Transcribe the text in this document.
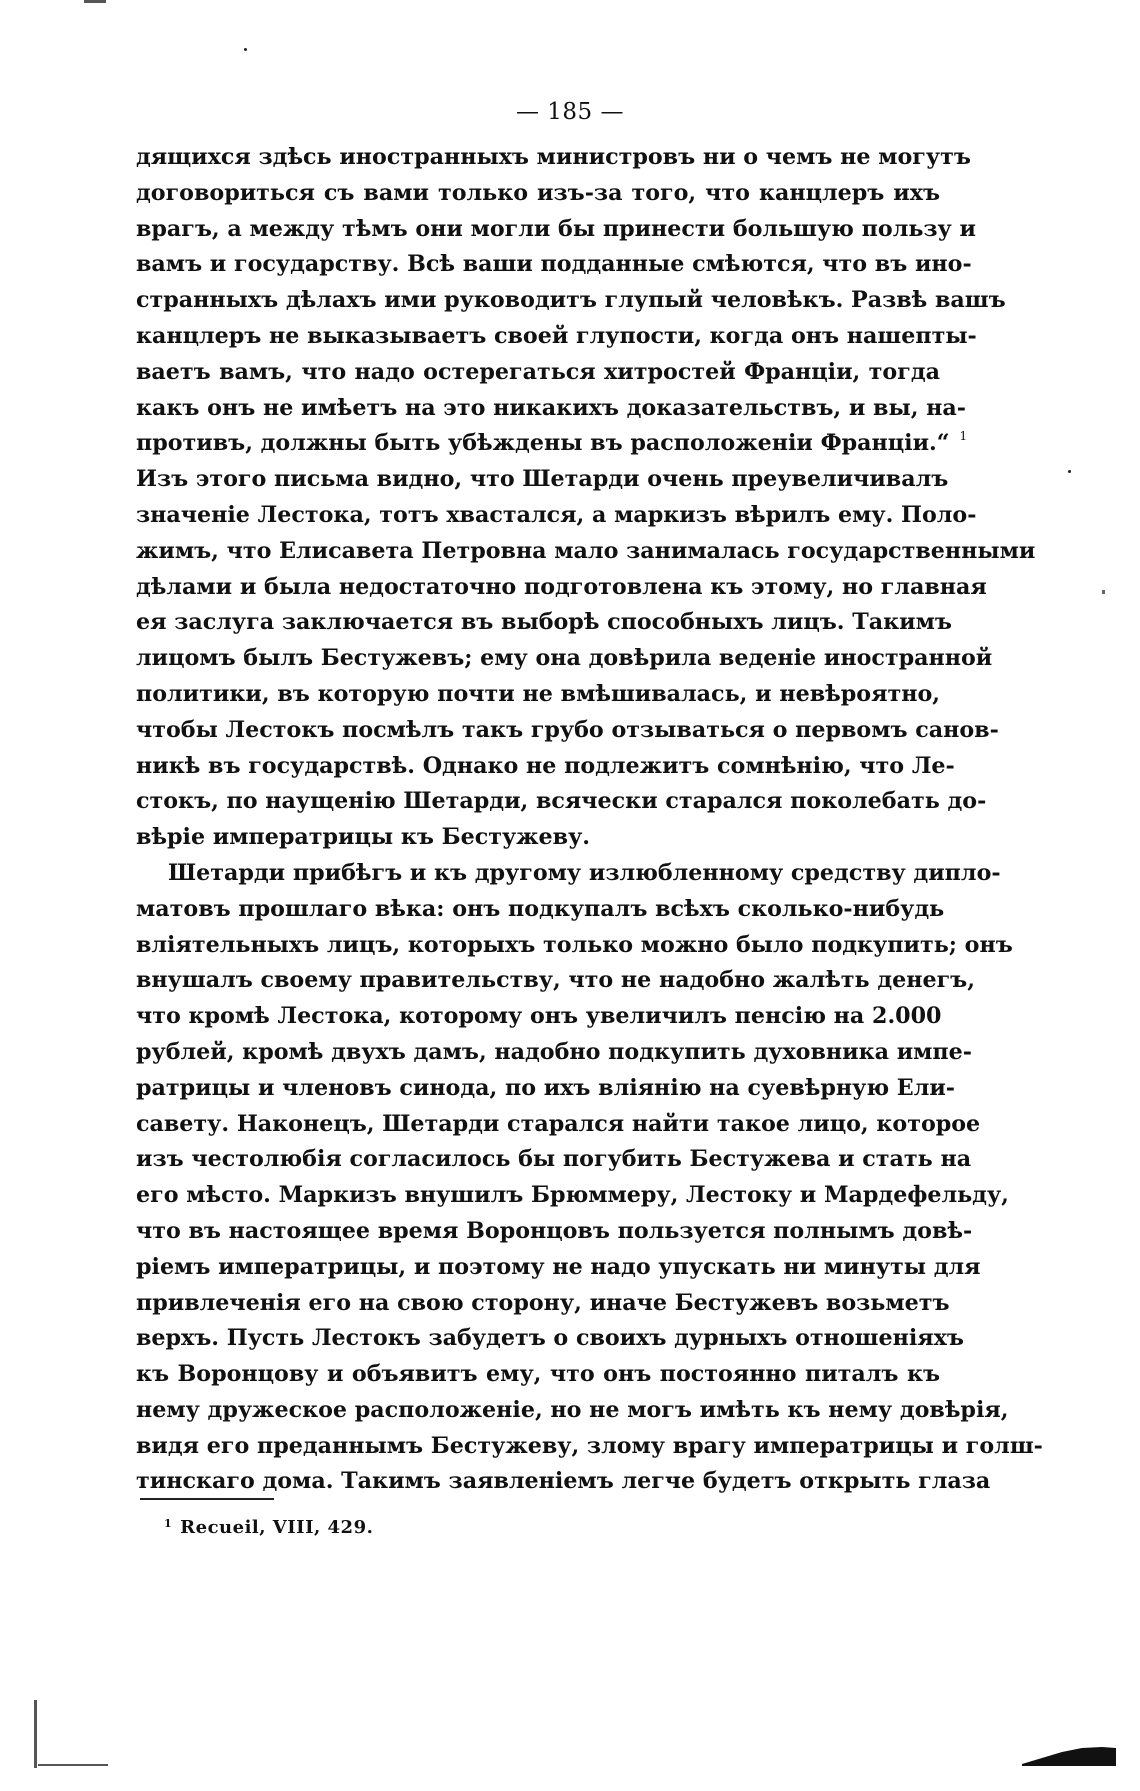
— 185 —
дящихся здѣсь иностранныхъ министровъ ни о чемъ не могутъ
договориться съ вами только изъ-за того, что канцлеръ ихъ
врагъ, а между тѣмъ они могли бы принести большую пользу и
вамъ и государству. Всѣ ваши подданные смѣются, что въ ино-
странныхъ дѣлахъ ими руководитъ глупый человѣкъ. Развѣ вашъ
канцлеръ не выказываетъ своей глупости, когда онъ нашепты-
ваетъ вамъ, что надо остерегаться хитростей Франціи, тогда
какъ онъ не имѣетъ на это никакихъ доказательствъ, и вы, на-
противъ, должны быть убѣждены въ расположеніи Франціи.“ $^1$
Изъ этого письма видно, что Шетарди очень преувеличивалъ
значеніе Лестока, тотъ хвастался, а маркизъ вѣрилъ ему. Поло-
жимъ, что Елисавета Петровна мало занималась государственными
дѣлами и была недостаточно подготовлена къ этому, но главная
ея заслуга заключается въ выборѣ способныхъ лицъ. Такимъ
лицомъ былъ Бестужевъ; ему она довѣрила веденіе иностранной
политики, въ которую почти не вмѣшивалась, и невѣроятно,
чтобы Лестокъ посмѣлъ такъ грубо отзываться о первомъ санов-
никѣ въ государствѣ. Однако не подлежитъ сомнѣнію, что Ле-
стокъ, по наущенію Шетарди, всячески старался поколебать до-
вѣріе императрицы къ Бестужеву.
Шетарди прибѣгъ и къ другому излюбленному средству дипло-
матовъ прошлаго вѣка: онъ подкупалъ всѣхъ сколько-нибудь
вліятельныхъ лицъ, которыхъ только можно было подкупить; онъ
внушалъ своему правительству, что не надобно жалѣть денегъ,
что кромѣ Лестока, которому онъ увеличилъ пенсію на 2.000
рублей, кромѣ двухъ дамъ, надобно подкупить духовника импе-
ратрицы и членовъ синода, по ихъ вліянію на суевѣрную Ели-
савету. Наконецъ, Шетарди старался найти такое лицо, которое
изъ честолюбія согласилось бы погубить Бестужева и стать на
его мѣсто. Маркизъ внушилъ Брюммеру, Лестоку и Мардефельду,
что въ настоящее время Воронцовъ пользуется полнымъ довѣ-
ріемъ императрицы, и поэтому не надо упускать ни минуты для
привлеченія его на свою сторону, иначе Бестужевъ возьметъ
верхъ. Пусть Лестокъ забудетъ о своихъ дурныхъ отношеніяхъ
къ Воронцову и объявитъ ему, что онъ постоянно питалъ къ
нему дружеское расположеніе, но не могъ имѣть къ нему довѣрія,
видя его преданнымъ Бестужеву, злому врагу императрицы и голш-
тинскаго дома. Такимъ заявленіемъ легче будетъ открыть глаза
$^1$ Recueil, VIII, 429.
